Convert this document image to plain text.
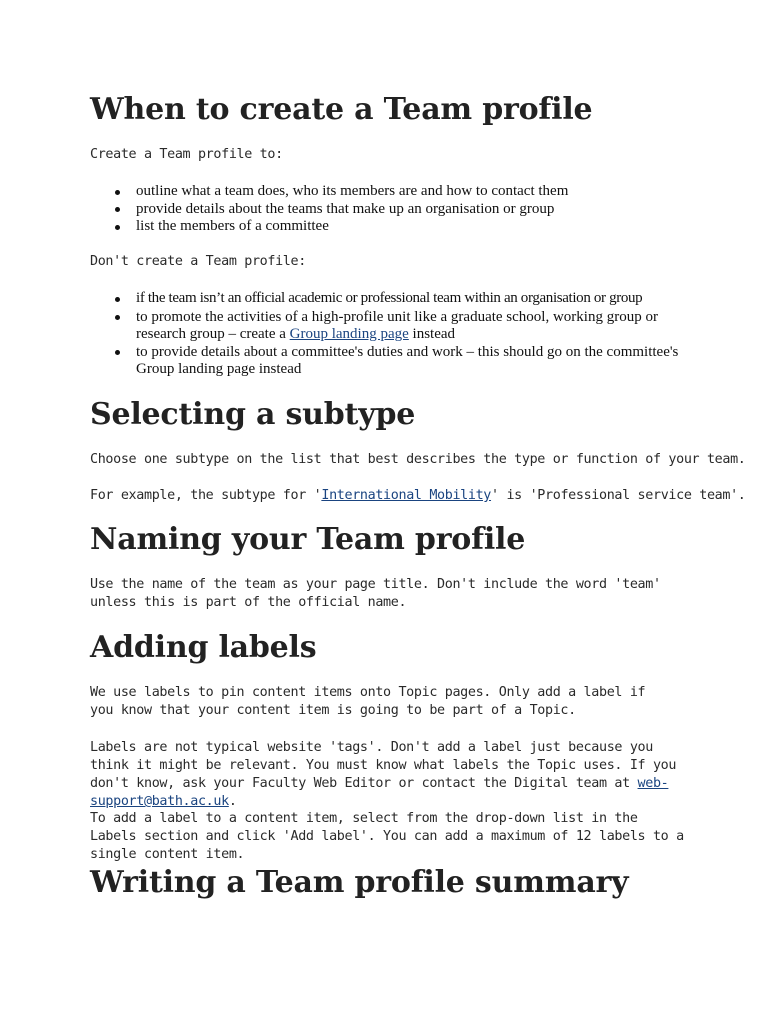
When to create a Team profile

Create a Team profile to:

outline what a team does, who its members are and how to contact them
provide details about the teams that make up an organisation or group
list the members of a committee

Don't create a Team profile:

if the team isn’t an official academic or professional team within an organisation or group
to promote the activities of a high-profile unit like a graduate school, working group or research group – create a Group landing page instead
to provide details about a committee's duties and work – this should go on the committee's Group landing page instead
Selecting a subtype

Choose one subtype on the list that best describes the type or function of your team.

For example, the subtype for 'International Mobility' is 'Professional service team'.

Naming your Team profile

Use the name of the team as your page title. Don't include the word 'team' unless this is part of the official name.

Adding labels

We use labels to pin content items onto Topic pages. Only add a label if you know that your content item is going to be part of a Topic.

Labels are not typical website 'tags'. Don't add a label just because you think it might be relevant. You must know what labels the Topic uses. If you don't know, ask your Faculty Web Editor or contact the Digital team at web-support@bath.ac.uk.

To add a label to a content item, select from the drop-down list in the Labels section and click 'Add label'. You can add a maximum of 12 labels to a single content item.

Writing a Team profile summary
